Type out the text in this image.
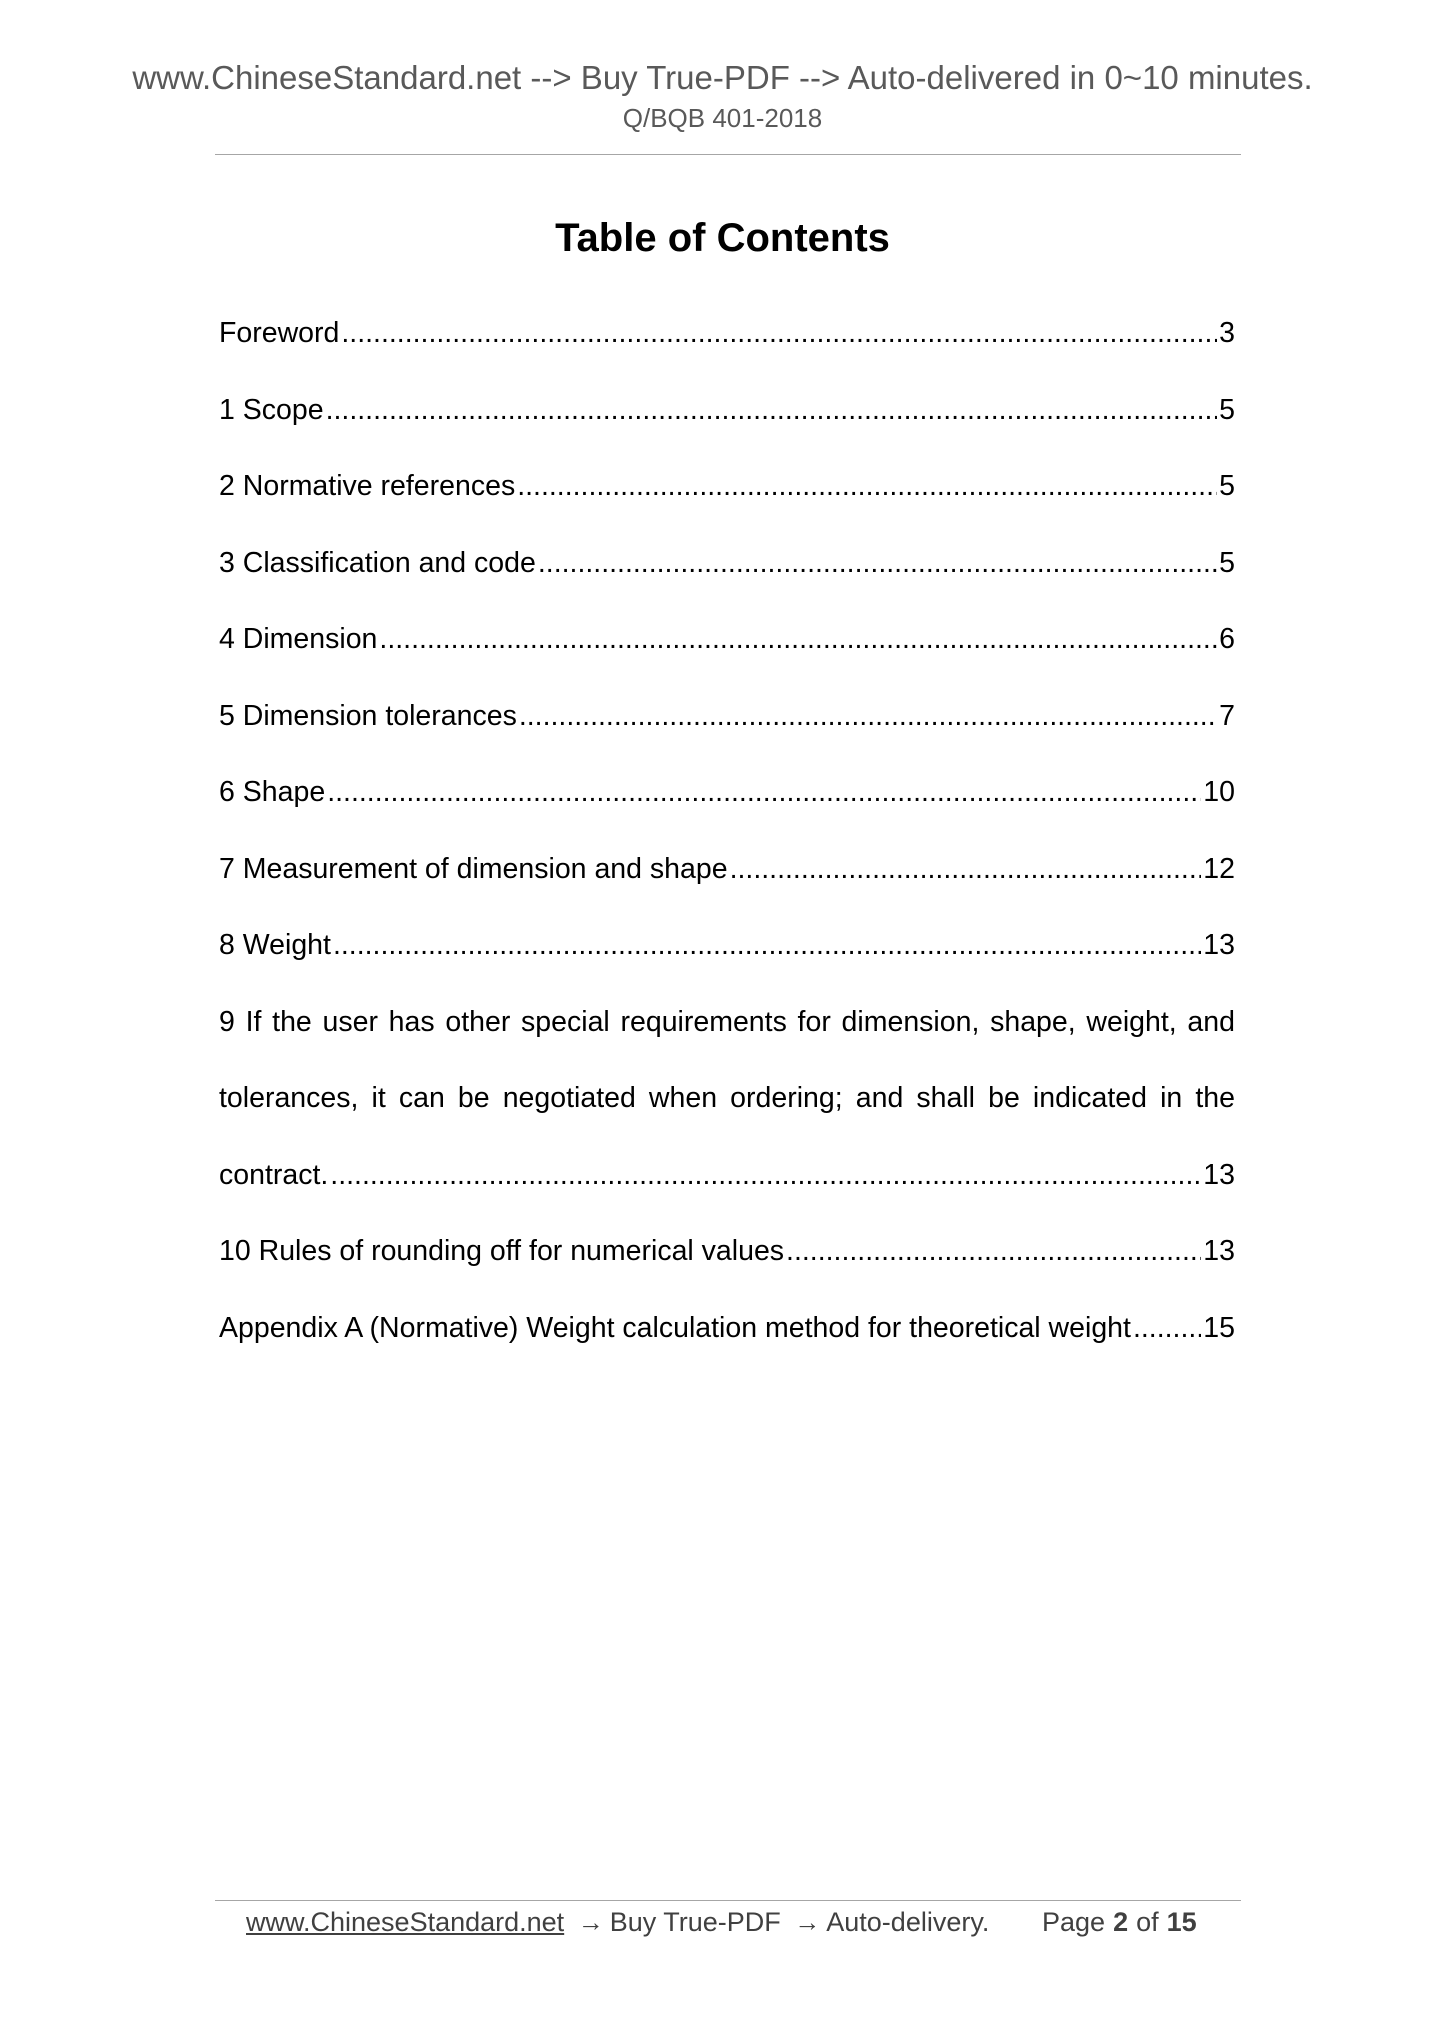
www.ChineseStandard.net --> Buy True-PDF --> Auto-delivered in 0~10 minutes.
Q/BQB 401-2018
Table of Contents
Foreword .....	3
1 Scope .....	5
2 Normative references .....	5
3 Classification and code .....	5
4 Dimension .....	6
5 Dimension tolerances .....	7
6 Shape .....	10
7 Measurement of dimension and shape .....	12
8 Weight .....	13
9 If the user has other special requirements for dimension, shape, weight, and
tolerances, it can be negotiated when ordering; and shall be indicated in the
contract. .....	13
10 Rules of rounding off for numerical values .....	13
Appendix A (Normative) Weight calculation method for theoretical weight .....	15
www.ChineseStandard.net → Buy True-PDF → Auto-delivery. Page 2 of 15
